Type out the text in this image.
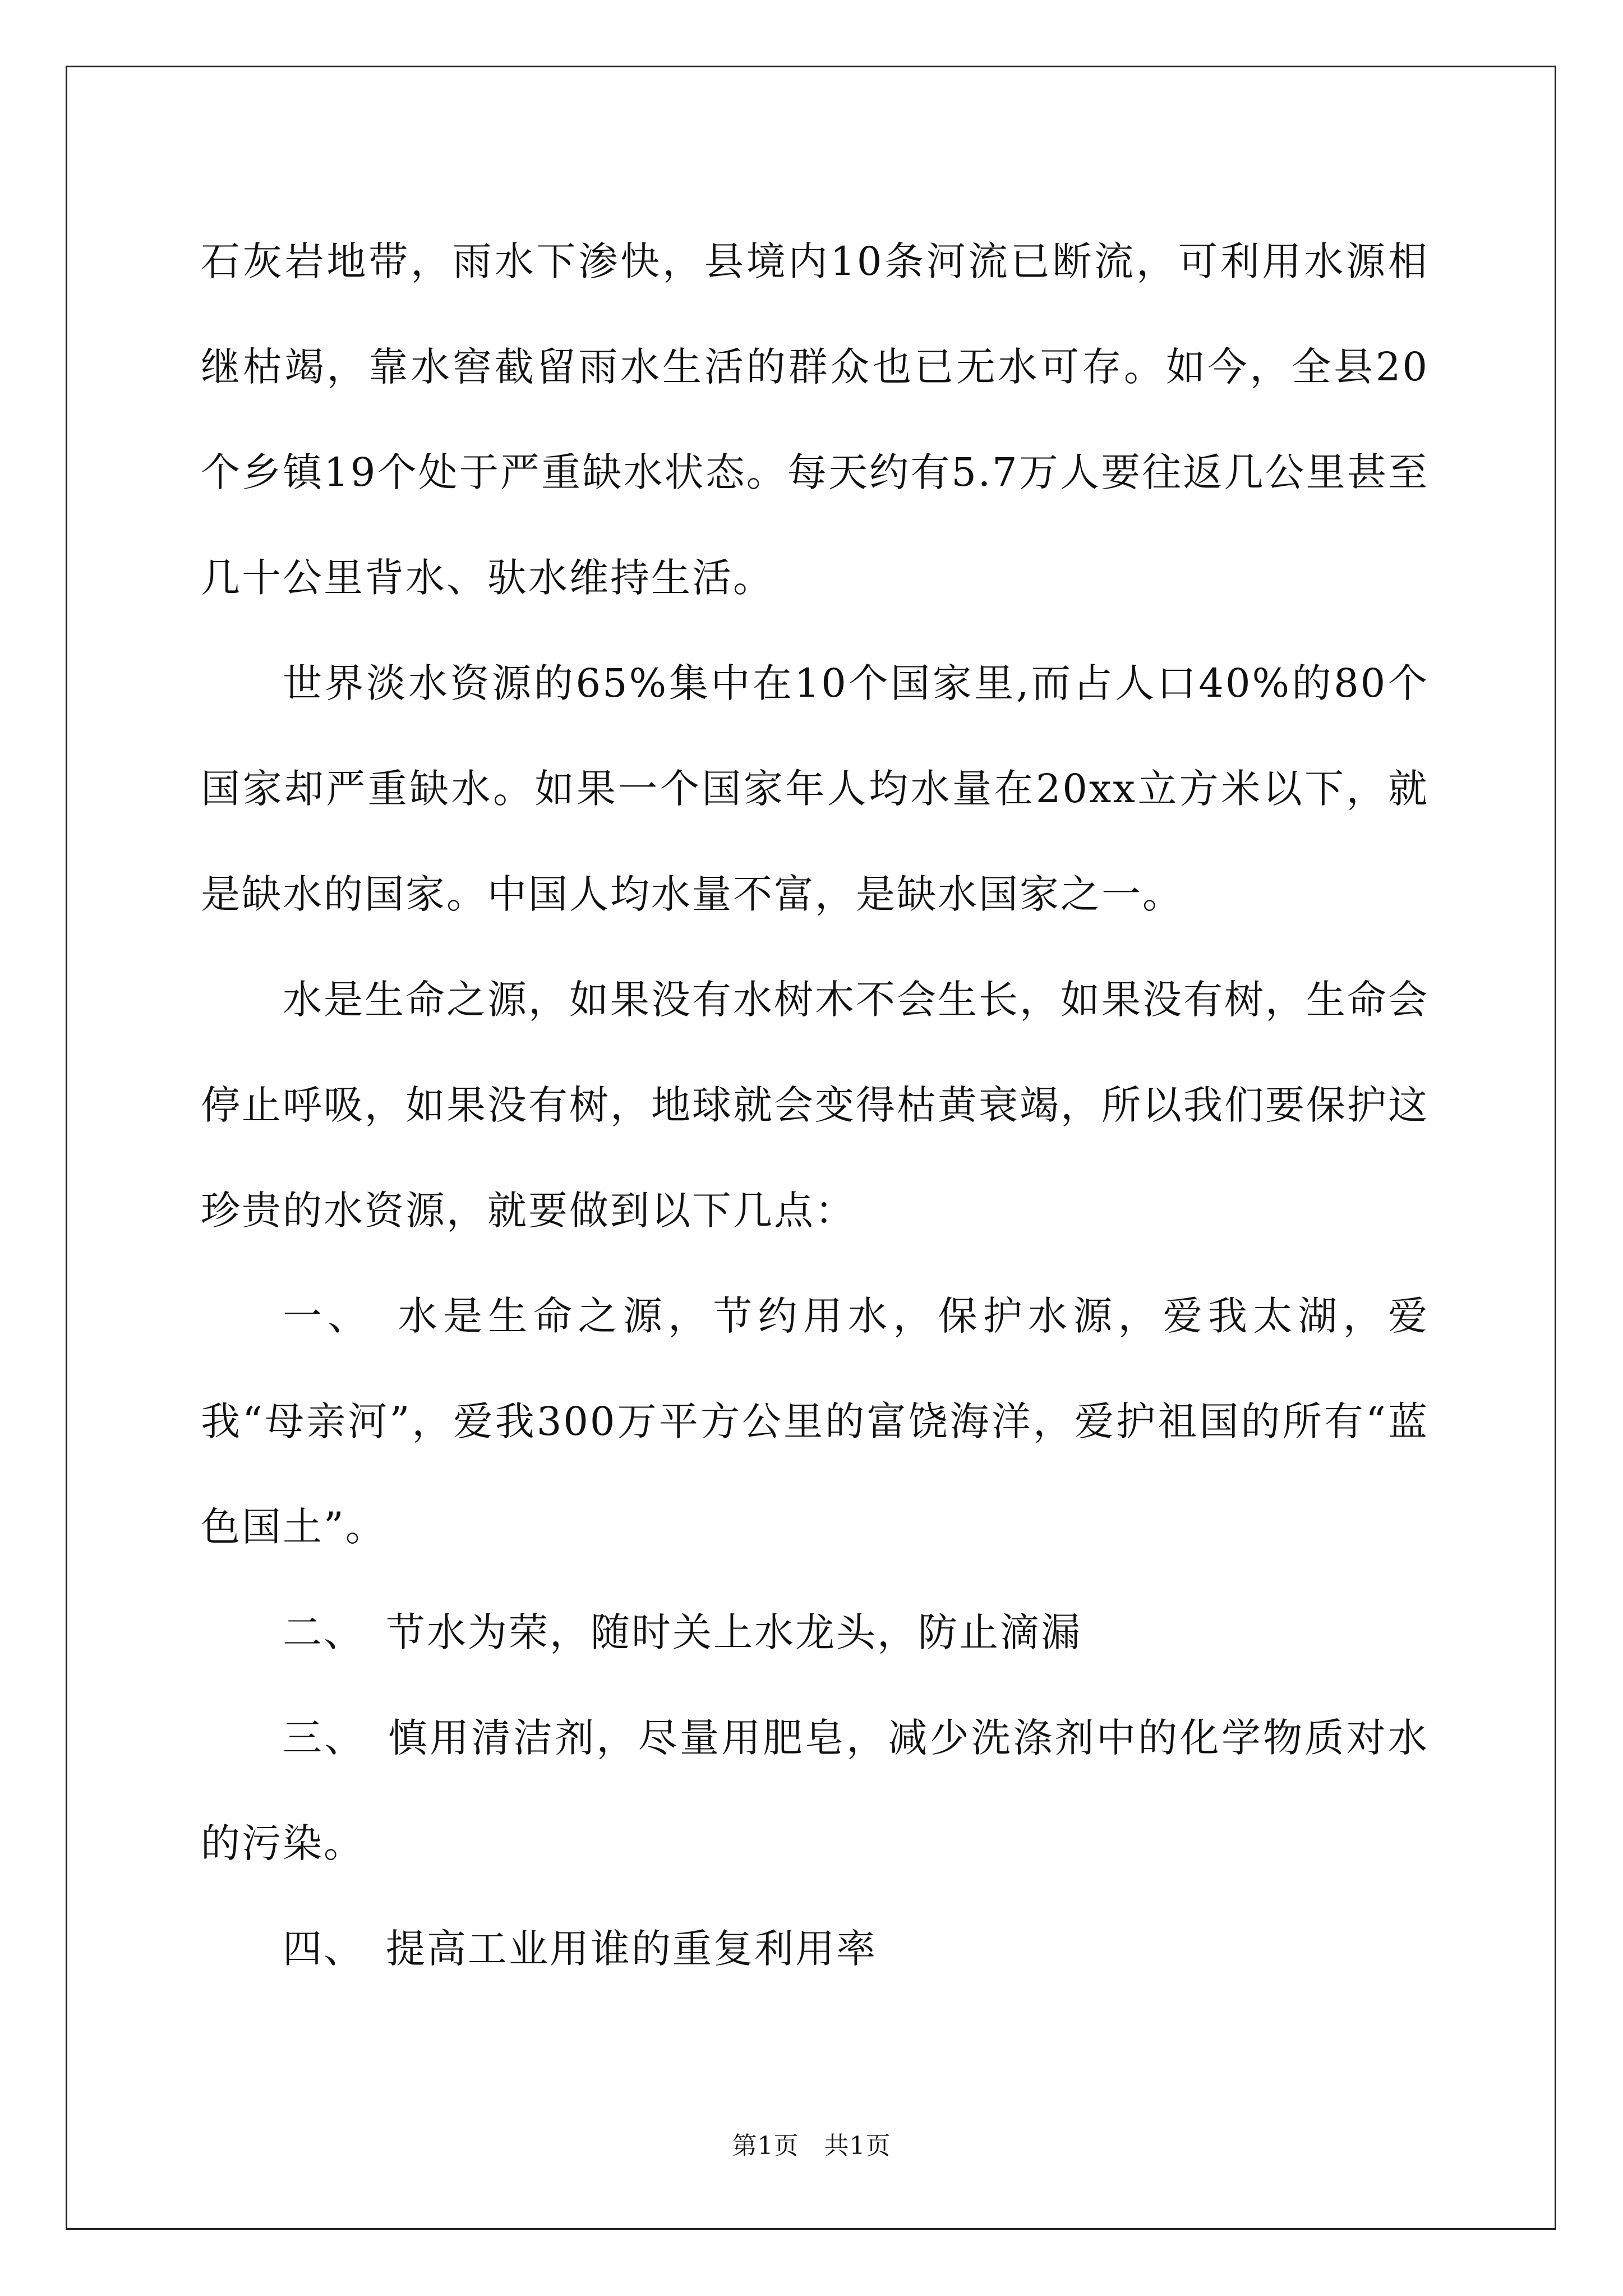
石灰岩地带，雨水下渗快，县境内10条河流已断流，可利用水源相继枯竭，靠水窖截留雨水生活的群众也已无水可存。如今，全县20个乡镇19个处于严重缺水状态。每天约有5.7万人要往返几公里甚至几十公里背水、驮水维持生活。

世界淡水资源的65%集中在10个国家里,而占人口40%的80个国家却严重缺水。如果一个国家年人均水量在20xx立方米以下，就是缺水的国家。中国人均水量不富，是缺水国家之一。

水是生命之源，如果没有水树木不会生长，如果没有树，生命会停止呼吸，如果没有树，地球就会变得枯黄衰竭，所以我们要保护这珍贵的水资源，就要做到以下几点：

一、　水是生命之源，节约用水，保护水源，爱我太湖，爱我“母亲河”，爱我300万平方公里的富饶海洋，爱护祖国的所有“蓝色国土”。

二、　节水为荣，随时关上水龙头，防止滴漏

三、　慎用清洁剂，尽量用肥皂，减少洗涤剂中的化学物质对水的污染。

四、　提高工业用谁的重复利用率

第1页　共1页
